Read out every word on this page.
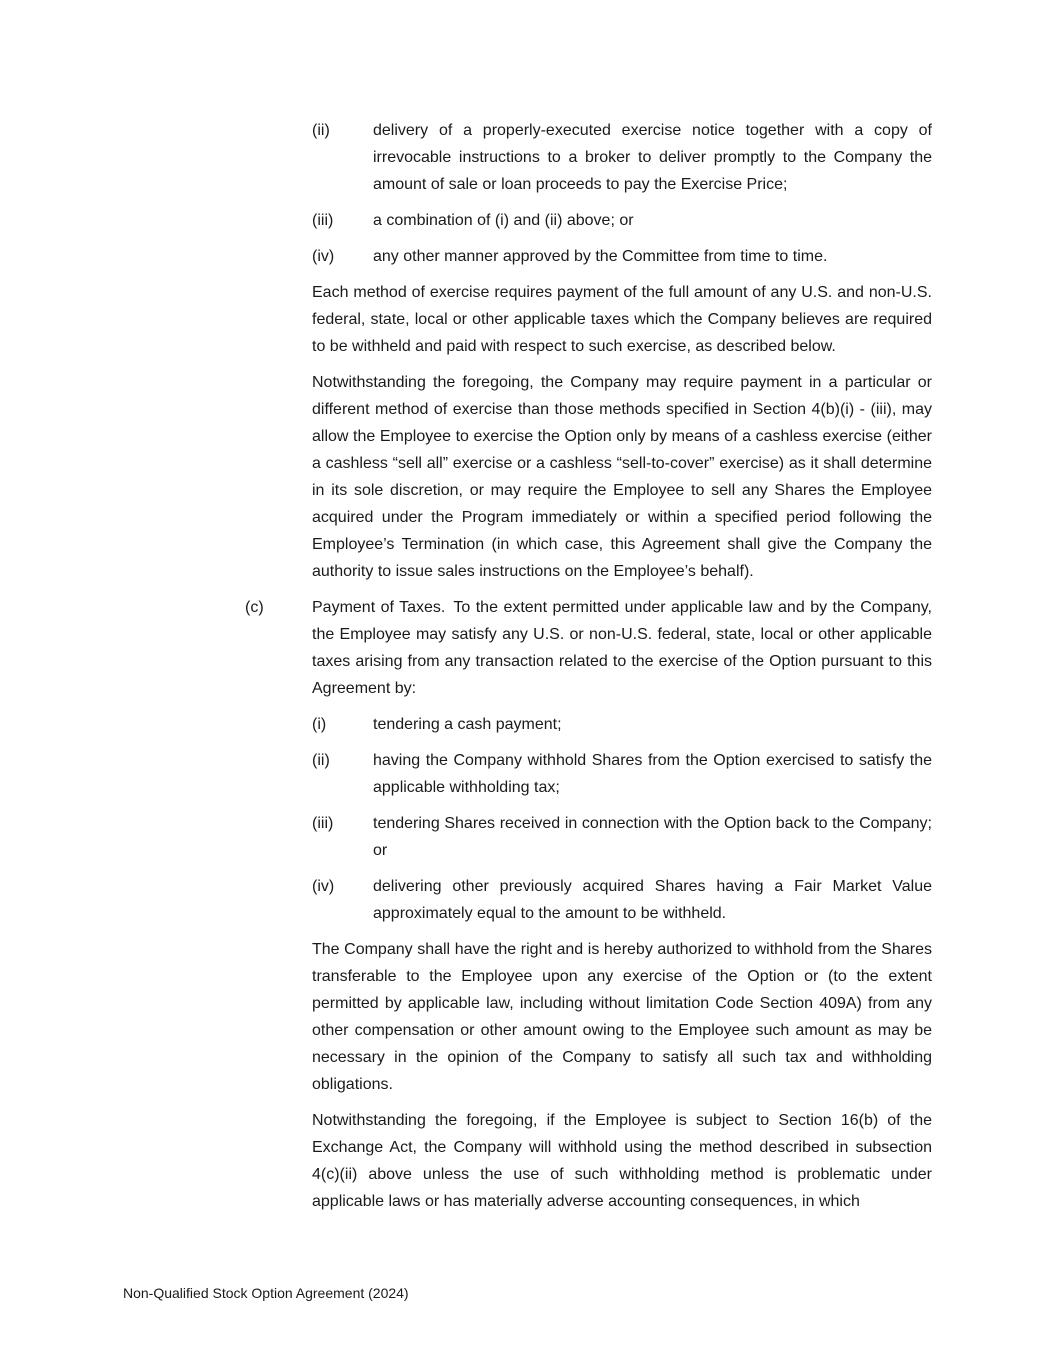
(ii)	delivery of a properly-executed exercise notice together with a copy of irrevocable instructions to a broker to deliver promptly to the Company the amount of sale or loan proceeds to pay the Exercise Price;
(iii)	a combination of (i) and (ii) above; or
(iv)	any other manner approved by the Committee from time to time.

Each method of exercise requires payment of the full amount of any U.S. and non-U.S. federal, state, local or other applicable taxes which the Company believes are required to be withheld and paid with respect to such exercise, as described below.

Notwithstanding the foregoing, the Company may require payment in a particular or different method of exercise than those methods specified in Section 4(b)(i) - (iii), may allow the Employee to exercise the Option only by means of a cashless exercise (either a cashless “sell all” exercise or a cashless “sell-to-cover” exercise) as it shall determine in its sole discretion, or may require the Employee to sell any Shares the Employee acquired under the Program immediately or within a specified period following the Employee’s Termination (in which case, this Agreement shall give the Company the authority to issue sales instructions on the Employee’s behalf).

(c)	Payment of Taxes. To the extent permitted under applicable law and by the Company, the Employee may satisfy any U.S. or non-U.S. federal, state, local or other applicable taxes arising from any transaction related to the exercise of the Option pursuant to this Agreement by:
(i)	tendering a cash payment;
(ii)	having the Company withhold Shares from the Option exercised to satisfy the applicable withholding tax;
(iii)	tendering Shares received in connection with the Option back to the Company; or
(iv)	delivering other previously acquired Shares having a Fair Market Value approximately equal to the amount to be withheld.

The Company shall have the right and is hereby authorized to withhold from the Shares transferable to the Employee upon any exercise of the Option or (to the extent permitted by applicable law, including without limitation Code Section 409A) from any other compensation or other amount owing to the Employee such amount as may be necessary in the opinion of the Company to satisfy all such tax and withholding obligations.

Notwithstanding the foregoing, if the Employee is subject to Section 16(b) of the Exchange Act, the Company will withhold using the method described in subsection 4(c)(ii) above unless the use of such withholding method is problematic under applicable laws or has materially adverse accounting consequences, in which

Non-Qualified Stock Option Agreement (2024)
